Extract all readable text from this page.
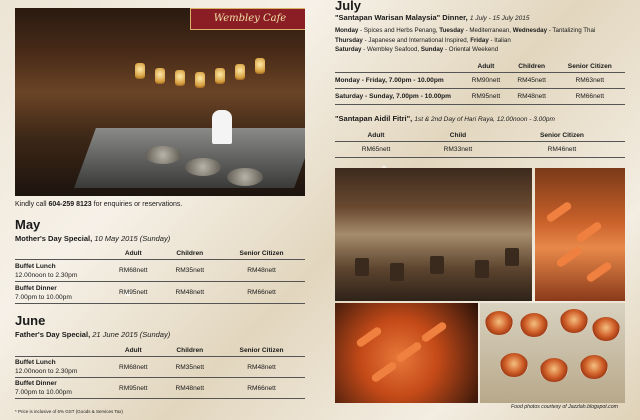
Wembley Cafe
Kindly call 604-259 8123 for enquiries or reservations.
May
Mother's Day Special, 10 May 2015 (Sunday)
	Adult	Children	Senior Citizen
Buffet Lunch
12.00noon to 2.30pm	RM68nett	RM35nett	RM48nett
Buffet Dinner
7.00pm to 10.00pm	RM95nett	RM48nett	RM66nett
June
Father's Day Special, 21 June 2015 (Sunday)
	Adult	Children	Senior Citizen
Buffet Lunch
12.00noon to 2.30pm	RM68nett	RM35nett	RM48nett
Buffet Dinner
7.00pm to 10.00pm	RM95nett	RM48nett	RM66nett
* Price is inclusive of 6% GST (Goods & Services Tax)
July
"Santapan Warisan Malaysia" Dinner, 1 July - 15 July 2015
Monday - Spices and Herbs Penang, Tuesday - Mediterranean, Wednesday - Tantalizing Thai
Thursday - Japanese and International Inspired, Friday - Italian
Saturday - Wembley Seafood, Sunday - Oriental Weekend
	Adult	Children	Senior Citizen
Monday - Friday, 7.00pm - 10.00pm	RM90nett	RM45nett	RM63nett
Saturday - Sunday, 7.00pm - 10.00pm	RM95nett	RM48nett	RM66nett
"Santapan Aidil Fitri", 1st & 2nd Day of Hari Raya, 12.00noon - 3.00pm
Adult	Child	Senior Citizen
RM65nett	RM33nett	RM46nett
Food photos courtesy of Jazzlah.blogspot.com
